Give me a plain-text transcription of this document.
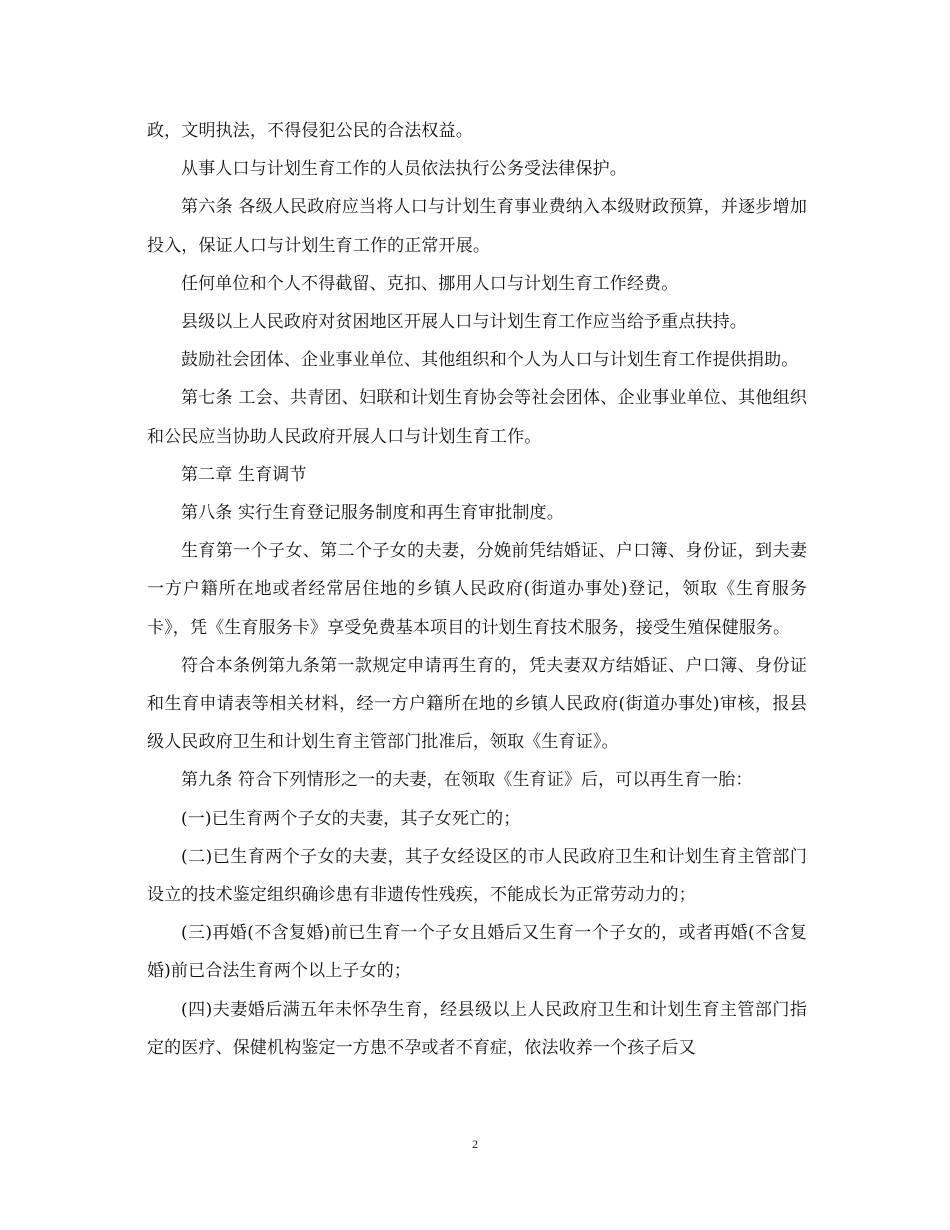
政，文明执法，不得侵犯公民的合法权益。

从事人口与计划生育工作的人员依法执行公务受法律保护。

第六条 各级人民政府应当将人口与计划生育事业费纳入本级财政预算，并逐步增加投入，保证人口与计划生育工作的正常开展。

任何单位和个人不得截留、克扣、挪用人口与计划生育工作经费。

县级以上人民政府对贫困地区开展人口与计划生育工作应当给予重点扶持。

鼓励社会团体、企业事业单位、其他组织和个人为人口与计划生育工作提供捐助。

第七条 工会、共青团、妇联和计划生育协会等社会团体、企业事业单位、其他组织和公民应当协助人民政府开展人口与计划生育工作。

第二章 生育调节

第八条 实行生育登记服务制度和再生育审批制度。

生育第一个子女、第二个子女的夫妻，分娩前凭结婚证、户口簿、身份证，到夫妻一方户籍所在地或者经常居住地的乡镇人民政府(街道办事处)登记，领取《生育服务卡》，凭《生育服务卡》享受免费基本项目的计划生育技术服务，接受生殖保健服务。

符合本条例第九条第一款规定申请再生育的，凭夫妻双方结婚证、户口簿、身份证和生育申请表等相关材料，经一方户籍所在地的乡镇人民政府(街道办事处)审核，报县级人民政府卫生和计划生育主管部门批准后，领取《生育证》。

第九条 符合下列情形之一的夫妻，在领取《生育证》后，可以再生育一胎：

(一)已生育两个子女的夫妻，其子女死亡的；

(二)已生育两个子女的夫妻，其子女经设区的市人民政府卫生和计划生育主管部门设立的技术鉴定组织确诊患有非遗传性残疾，不能成长为正常劳动力的；

(三)再婚(不含复婚)前已生育一个子女且婚后又生育一个子女的，或者再婚(不含复婚)前已合法生育两个以上子女的；

(四)夫妻婚后满五年未怀孕生育，经县级以上人民政府卫生和计划生育主管部门指定的医疗、保健机构鉴定一方患不孕或者不育症，依法收养一个孩子后又

2
